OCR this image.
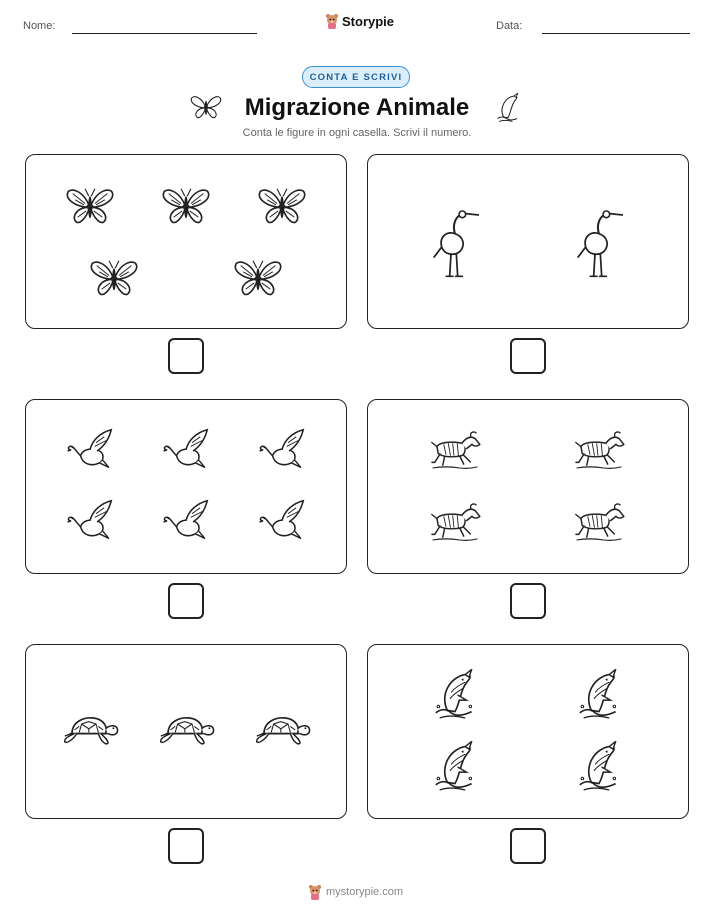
Nome:	Storypie	Data:
CONTA E SCRIVI
Migrazione Animale
Conta le figure in ogni casella. Scrivi il numero.
mystorypie.com
